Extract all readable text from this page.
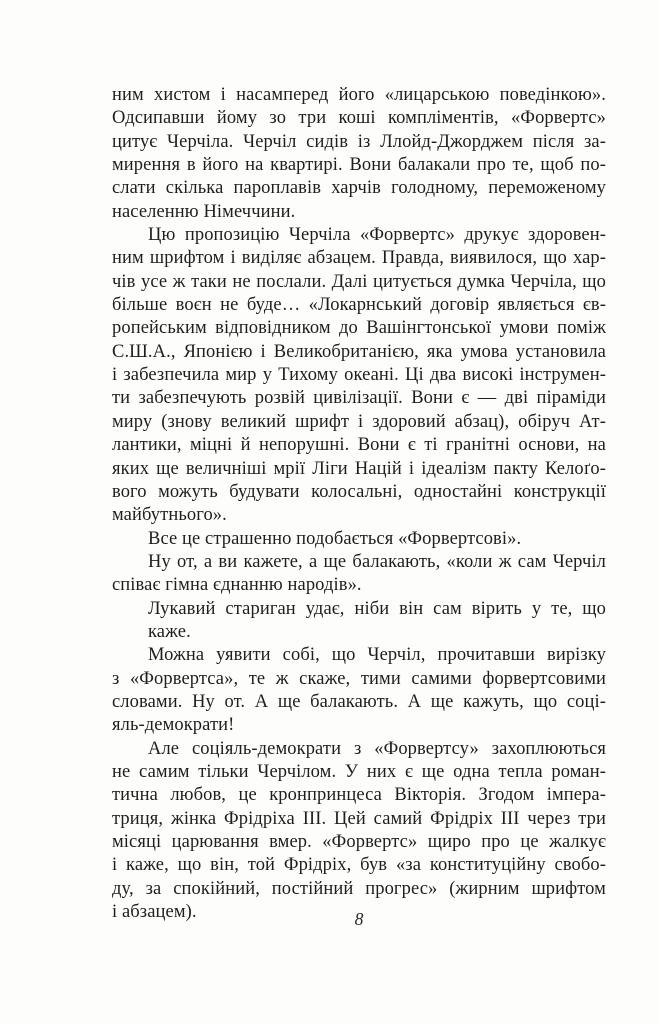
ним хистом і насамперед його «лицарською поведінкою».
Одсипавши йому зо три коші компліментів, «Форвертс»
цитує Черчіла. Черчіл сидів із Ллойд-Джорджем після за-
мирення в його на квартирі. Вони балакали про те, щоб по-
слати скілька пароплавів харчів голодному, переможеному
населенню Німеччини.
Цю пропозицію Черчіла «Форвертс» друкує здоровен-
ним шрифтом і виділяє абзацем. Правда, виявилося, що хар-
чів усе ж таки не послали. Далі цитується думка Черчіла, що
більше воєн не буде… «Локарнський договір являється єв-
ропейським відповідником до Вашінгтонської умови поміж
С.Ш.А., Японією і Великобританією, яка умова установила
і забезпечила мир у Тихому океані. Ці два високі інструмен-
ти забезпечують розвій цивілізації. Вони є — дві піраміди
миру (знову великий шрифт і здоровий абзац), обіруч Ат-
лантики, міцні й непорушні. Вони є ті гранітні основи, на
яких ще величніші мрії Ліги Націй і ідеалізм пакту Келоґо-
вого можуть будувати колосальні, одностайні конструкції
майбутнього».
Все це страшенно подобається «Форвертсові».
Ну от, а ви кажете, а ще балакають, «коли ж сам Черчіл
співає гімна єднанню народів».
Лукавий стариган удає, ніби він сам вірить у те, що каже.
Можна уявити собі, що Черчіл, прочитавши вирізку
з «Форвертса», те ж скаже, тими самими форвертсовими
словами. Ну от. А ще балакають. А ще кажуть, що соці-
яль-демократи!
Але соціяль-демократи з «Форвертсу» захоплюються
не самим тільки Черчілом. У них є ще одна тепла роман-
тична любов, це кронпринцеса Вікторія. Згодом імпера-
триця, жінка Фрідріха III. Цей самий Фрідріх III через три
місяці царювання вмер. «Форвертс» щиро про це жалкує
і каже, що він, той Фрідріх, був «за конституційну свобо-
ду, за спокійний, постійний прогрес» (жирним шрифтом
і абзацем).	8
